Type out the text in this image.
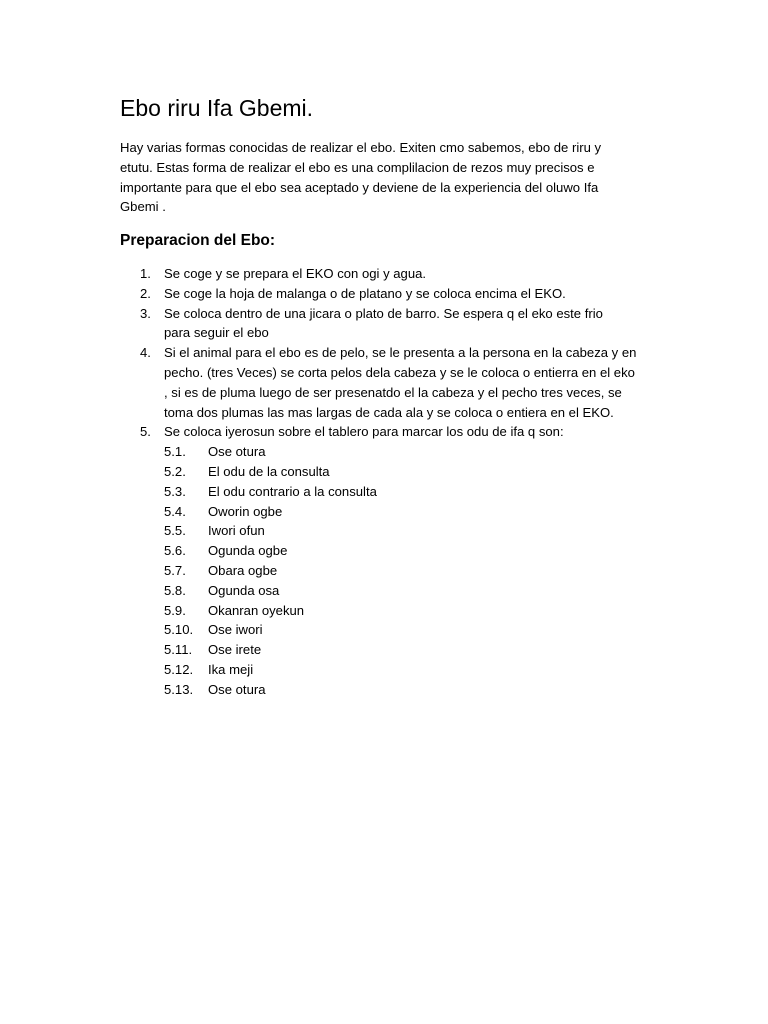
Ebo riru Ifa Gbemi.

Hay varias formas conocidas de realizar el ebo. Exiten cmo sabemos, ebo de riru y
etutu. Estas forma de realizar el ebo es una complilacion de rezos muy precisos e
importante para que el ebo sea aceptado y deviene de la experiencia del oluwo Ifa
Gbemi .

Preparacion del Ebo:
1. Se coge y se prepara el EKO con ogi y agua.
2. Se coge la hoja de malanga o de platano y se coloca encima el EKO.
3. Se coloca dentro de una jicara o plato de barro. Se espera q el eko este frio
para seguir el ebo
4. Si el animal para el ebo es de pelo, se le presenta a la persona en la cabeza y en
pecho. (tres Veces) se corta pelos dela cabeza y se le coloca o entierra en el eko
, si es de pluma luego de ser presenatdo el la cabeza y el pecho tres veces, se
toma dos plumas las mas largas de cada ala y se coloca o entiera en el EKO.
5. Se coloca iyerosun sobre el tablero para marcar los odu de ifa q son:
5.1. Ose otura
5.2. El odu de la consulta
5.3. El odu contrario a la consulta
5.4. Oworin ogbe
5.5. Iwori ofun
5.6. Ogunda ogbe
5.7. Obara ogbe
5.8. Ogunda osa
5.9. Okanran oyekun
5.10. Ose iwori
5.11. Ose irete
5.12. Ika meji
5.13. Ose otura
